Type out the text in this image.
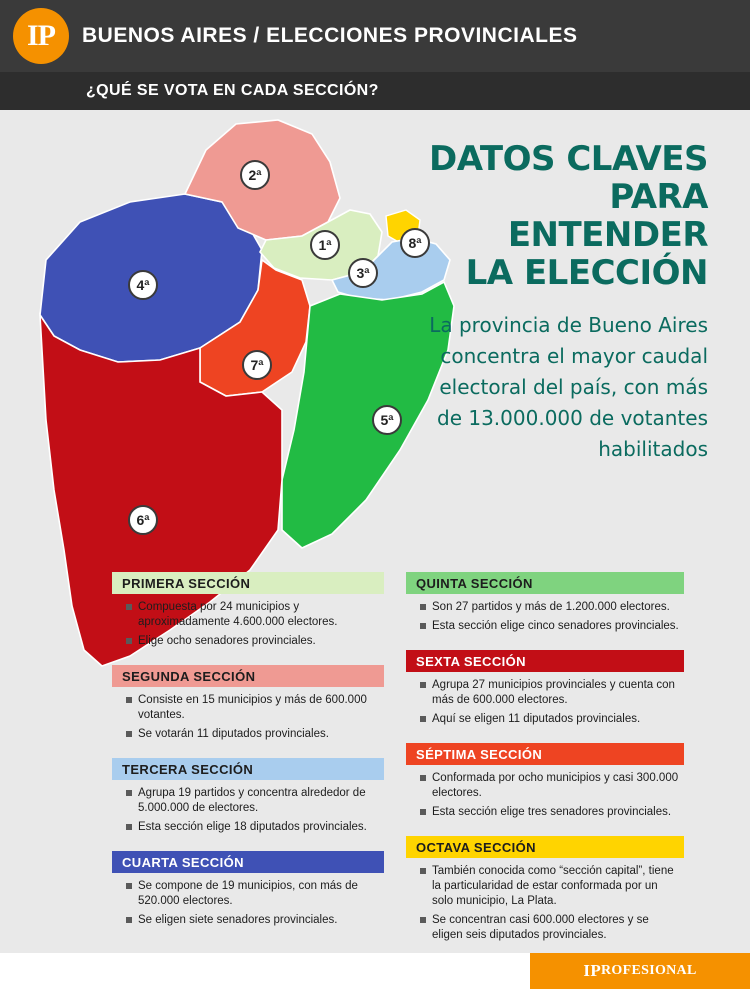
IP	BUENOS AIRES / ELECCIONES PROVINCIALES
¿QUÉ SE VOTA EN CADA SECCIÓN?
1ª
2ª
3ª
4ª
5ª
6ª
7ª
8ª
DATOS CLAVES
PARA ENTENDER
LA ELECCIÓN
La provincia de Bueno Aires concentra el mayor caudal electoral del país, con más de 13.000.000 de votantes habilitados
PRIMERA SECCIÓN
Compuesta por 24 municipios y aproximadamente 4.600.000 electores.
Elige ocho senadores provinciales.
SEGUNDA SECCIÓN
Consiste en 15 municipios y más de 600.000 votantes.
Se votarán 11 diputados provinciales.
TERCERA SECCIÓN
Agrupa 19 partidos y concentra alrededor de 5.000.000 de electores.
Esta sección elige 18 diputados provinciales.
CUARTA SECCIÓN
Se compone de 19 municipios, con más de 520.000 electores.
Se eligen siete senadores provinciales.
QUINTA SECCIÓN
Son 27 partidos y más de 1.200.000 electores.
Esta sección elige cinco senadores provinciales.
SEXTA SECCIÓN
Agrupa 27 municipios provinciales y cuenta con más de 600.000 electores.
Aquí se eligen 11 diputados provinciales.
SÉPTIMA SECCIÓN
Conformada por ocho municipios y casi 300.000 electores.
Esta sección elige tres senadores provinciales.
OCTAVA SECCIÓN
También conocida como “sección capital”, tiene la particularidad de estar conformada por un solo municipio, La Plata.
Se concentran casi 600.000 electores y se eligen seis diputados provinciales.
IP ROFESIONAL
